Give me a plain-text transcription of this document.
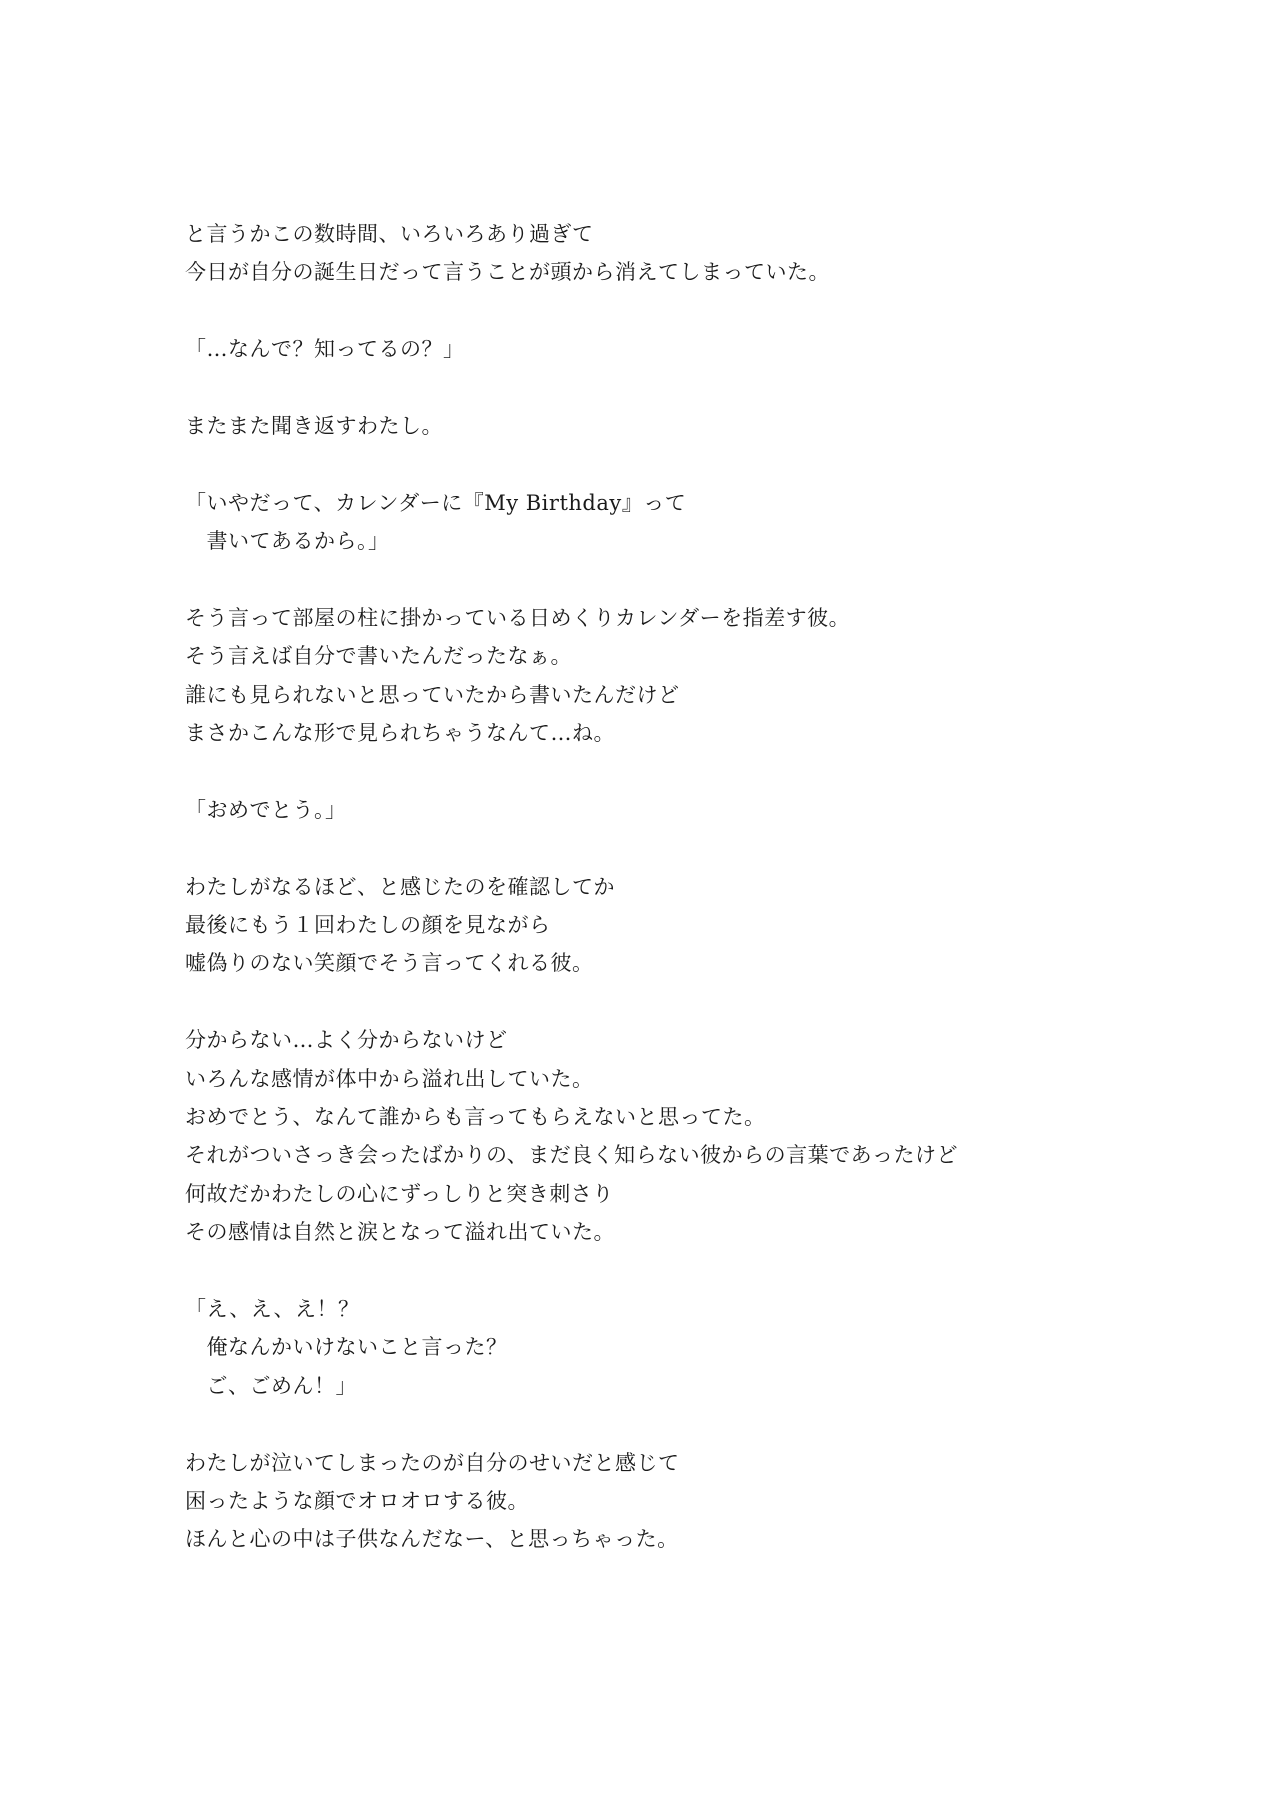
と言うかこの数時間、いろいろあり過ぎて

今日が自分の誕生日だって言うことが頭から消えてしまっていた。

「…なんで？知ってるの？」

またまた聞き返すわたし。

「いやだって、カレンダーに『My Birthday』って

　書いてあるから。」

そう言って部屋の柱に掛かっている日めくりカレンダーを指差す彼。

そう言えば自分で書いたんだったなぁ。

誰にも見られないと思っていたから書いたんだけど

まさかこんな形で見られちゃうなんて…ね。

「おめでとう。」

わたしがなるほど、と感じたのを確認してか

最後にもう１回わたしの顔を見ながら

嘘偽りのない笑顔でそう言ってくれる彼。

分からない…よく分からないけど

いろんな感情が体中から溢れ出していた。

おめでとう、なんて誰からも言ってもらえないと思ってた。

それがついさっき会ったばかりの、まだ良く知らない彼からの言葉であったけど

何故だかわたしの心にずっしりと突き刺さり

その感情は自然と涙となって溢れ出ていた。

「え、え、え！？

　俺なんかいけないこと言った？

　ご、ごめん！」

わたしが泣いてしまったのが自分のせいだと感じて

困ったような顔でオロオロする彼。

ほんと心の中は子供なんだなー、と思っちゃった。
